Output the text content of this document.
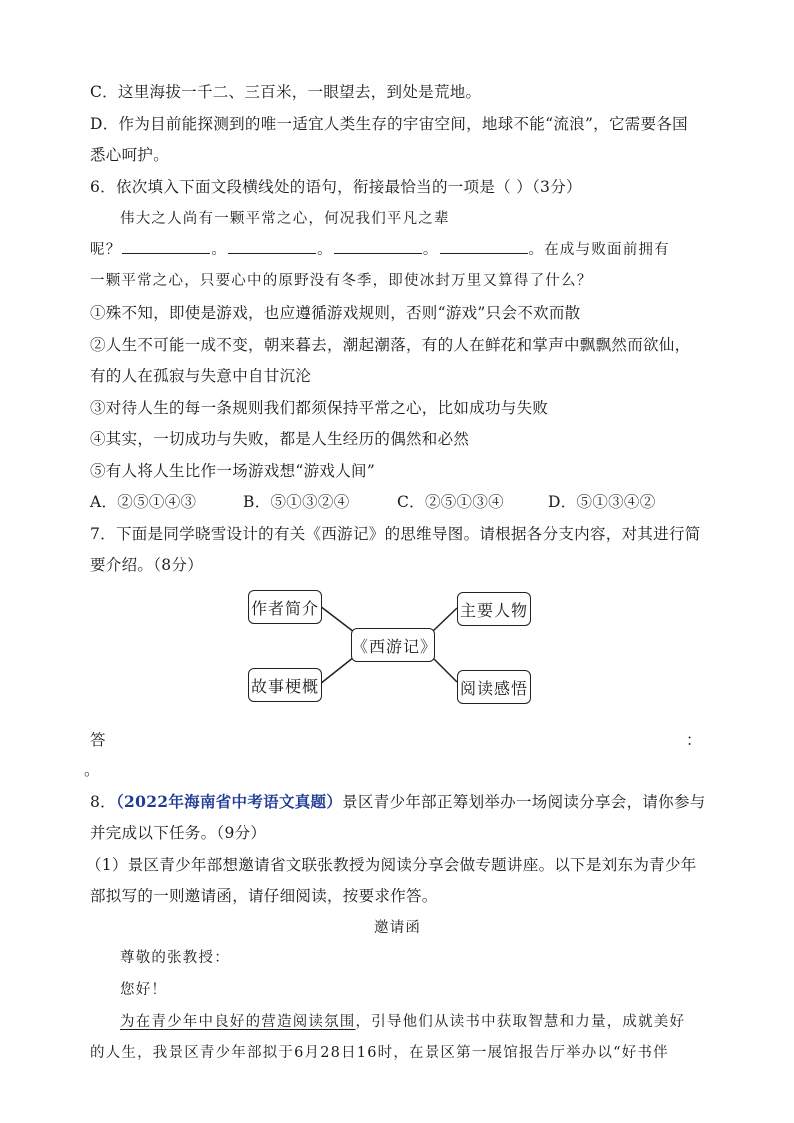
C．这里海拔一千二、三百米，一眼望去，到处是荒地。
D．作为目前能探测到的唯一适宜人类生存的宇宙空间，地球不能“流浪”，它需要各国
悉心呵护。
6．依次填入下面文段横线处的语句，衔接最恰当的一项是（ ）（3分）
伟大之人尚有一颗平常之心，何况我们平凡之辈
呢？	。	。	。	。在成与败面前拥有
一颗平常之心，只要心中的原野没有冬季，即使冰封万里又算得了什么？
①殊不知，即使是游戏，也应遵循游戏规则，否则“游戏”只会不欢而散
②人生不可能一成不变，朝来暮去，潮起潮落，有的人在鲜花和掌声中飘飘然而欲仙，
有的人在孤寂与失意中自甘沉沦
③对待人生的每一条规则我们都须保持平常之心，比如成功与失败
④其实，一切成功与失败，都是人生经历的偶然和必然
⑤有人将人生比作一场游戏想“游戏人间”
A．②⑤①④③	B．⑤①③②④	C．②⑤①③④	D．⑤①③④②
7．下面是同学晓雪设计的有关《西游记》的思维导图。请根据各分支内容，对其进行简
要介绍。（8分）
作者简介	主要人物
《西游记》
故事梗概	阅读感悟
答	：
。
8．（2022年海南省中考语文真题）景区青少年部正筹划举办一场阅读分享会，请你参与
并完成以下任务。（9分）
（1）景区青少年部想邀请省文联张教授为阅读分享会做专题讲座。以下是刘东为青少年
部拟写的一则邀请函，请仔细阅读，按要求作答。
邀请函
尊敬的张教授：
您好！
为在青少年中良好的营造阅读氛围，引导他们从读书中获取智慧和力量，成就美好
的人生，我景区青少年部拟于6月28日16时，在景区第一展馆报告厅举办以“好书伴
